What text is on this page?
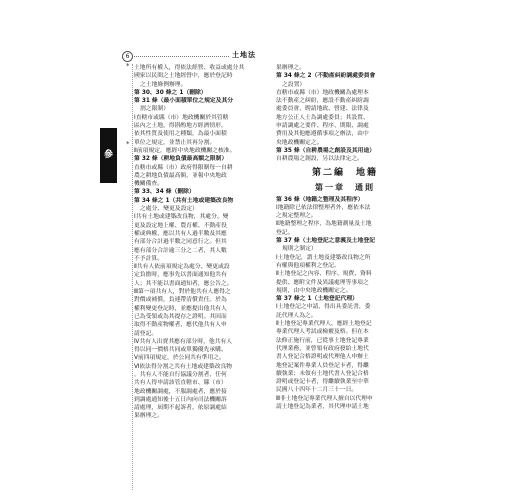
6	土地法
土地所有權人，得依法經營、收益或處分其
國家以民間之土地經營中，應於登記時
之土地條例辦理。
第 30、30 條之 1（刪除）
第 31 條（最小面積單位之規定及其分
割之限制）
Ⅰ直轄市或縣（市）地政機關於其管轄
區內之土地，得斟酌地方經濟情形，
依其性質及使用之種類，為最小面積
單位之規定，並禁止其再分割。
Ⅱ前項規定，應經中央地政機關之核准。
第 32 條（耕地負債最高額之限制）
直轄市或縣（市）政府得限制每一自耕
農之耕地負債最高額，並報中央地政
機關備查。
第 33、34 條（刪除）
第 34 條之 1（共有土地或建築改良物
之處分、變更及設定）
Ⅰ共有土地或建築改良物，其處分、變
更及設定地上權、農育權、不動產役
權或典權，應以共有人過半數及其應
有部分合計過半數之同意行之。但其
應有部分合計逾三分之二者，其人數
不予計算。
Ⅱ共有人依前項規定為處分、變更或設
定負擔時，應事先以書面通知他共有
人；其不能以書面通知者，應公告之。
Ⅲ第一項共有人，對於他共有人應得之
對價或補償，負連帶清償責任。於為
權利變更登記時，並應提出他共有人
已為受領或為其提存之證明。其因而
取得不動產物權者，應代他共有人申
請登記。
Ⅳ共有人出賣其應有部分時，他共有人
得以同一價格共同或單獨優先承購。
Ⅴ前四項規定，於公同共有準用之。
Ⅵ依法得分割之共有土地或建築改良物
，共有人不能自行協議分割者，任何
共有人得申請該管直轄市、縣（市）
地政機關調處，不服調處者，應於接
到調處通知後十五日內向司法機關訴
請處理，屆期不起訴者，依原調處結
果辦理之。
果辦理之。
第 34 條之 2（不動產糾紛調處委員會
之設置）
直轄市或縣（市）地政機關為處理本
法不動產之糾紛，應設不動產糾紛調
處委員會，聘請地政、營建、法律及
地方公正人士為調處委員；其設置、
申請調處之要件、程序、期限、調處
費用及其他應遵循事項之辦法，由中
央地政機關定之。
第 35 條（自耕農場之創設及其用途）
自耕農場之創設，另以法律定之。
第二編　地籍
第一章　通則
第 36 條（地籍之整理及其程序）
Ⅰ地籍除已依法律整理者外，應依本法
之規定整理之。
Ⅱ地籍整理之程序，為地籍測量及土地
登記。
第 37 條（土地登記之意義及土地登記
規則之制定）
Ⅰ土地登記，謂土地及建築改良物之所
有權與他項權利之登記。
Ⅱ土地登記之內容、程序、規費、資料
提供、應附文件及異議處理等事項之
規則，由中央地政機關定之。
第 37 條之 1（土地登記代理）
Ⅰ土地登記之申請，得出具委託書，委
託代理人為之。
Ⅱ土地登記專業代理人，應經土地登記
專業代理人考試或檢覈及格。但在本
法修正施行前，已從事土地登記專業
代理業務，並曾領有政府發給土地代
書人登記合格證明或代理他人申辦土
地登記案件專業人員登記卡者，得繼
續執業；未領有土地代書人登記合格
證明或登記卡者，得繼續執業至中華
民國八十四年十二月三十一日。
Ⅲ非土地登記專業代理人擅自以代理申
請土地登記為業者，其代理申請土地
參
*
*
